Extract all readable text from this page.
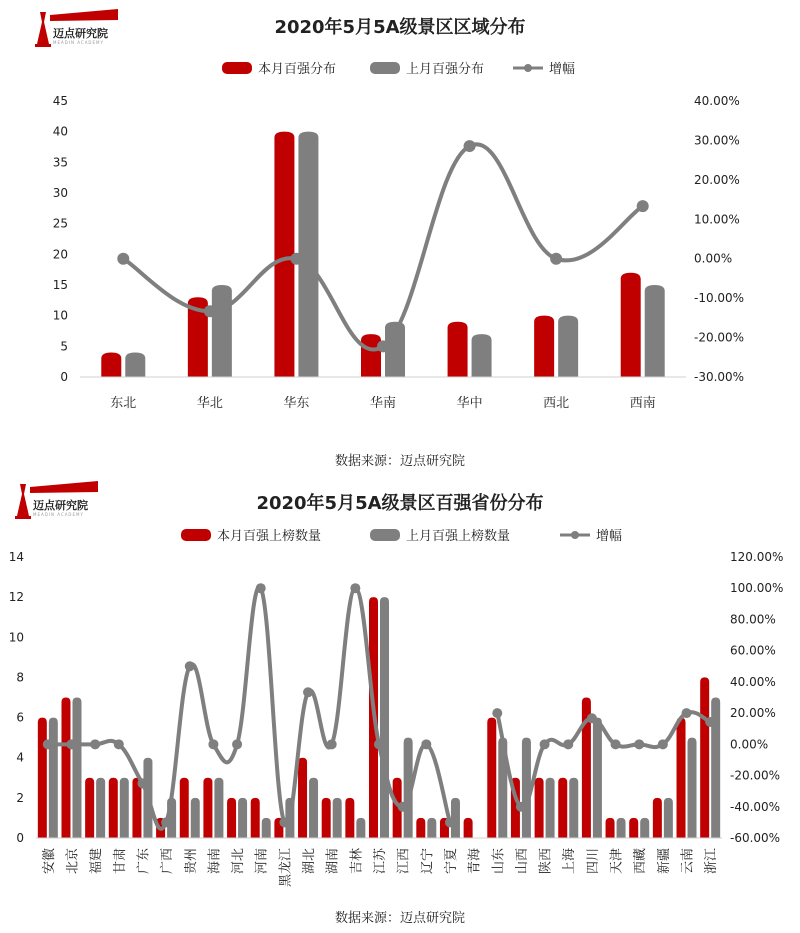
迈点研究院
MEADIN ACADEMY
迈点研究院
MEADIN ACADEMY
2020年5月5A级景区区域分布
本月百强分布	上月百强分布	增幅
0
5
10
15
20
25
30
35
40
45
-30.00%
-20.00%
-10.00%
0.00%
10.00%
20.00%
30.00%
40.00%
东北	华北	华东	华南	华中	西北	西南
数据来源：迈点研究院
2020年5月5A级景区百强省份分布
本月百强上榜数量	上月百强上榜数量	增幅
0
2
4
6
8
10
12
14
-60.00%
-40.00%
-20.00%
0.00%
20.00%
40.00%
60.00%
80.00%
100.00%
120.00%
安徽 北京 福建 甘肃 广东 广西 贵州 海南 河北 河南 黑龙江 湖北 湖南 吉林 江苏 江西 辽宁 宁夏 青海 山东 山西 陕西 上海 四川 天津 西藏 新疆 云南 浙江
数据来源：迈点研究院
